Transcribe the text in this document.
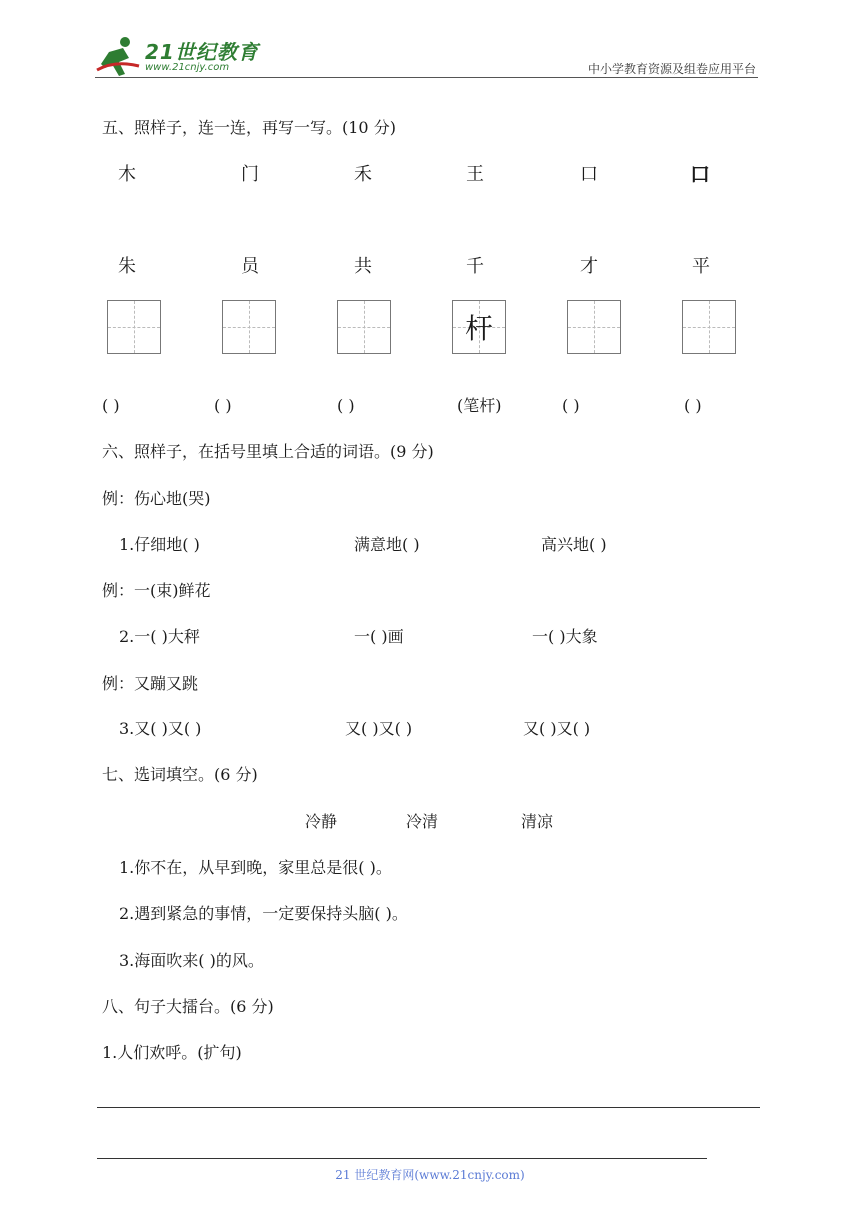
21世纪教育
www.21cnjy.com	中小学教育资源及组卷应用平台
五、照样子，连一连，再写一写。(10 分)
木	门	禾	王	口	口
朱	员	共	千	才	平
杆
( )	( )	( )	(笔杆)	( )	( )
六、照样子，在括号里填上合适的词语。(9 分)
例：伤心地(哭)
1.仔细地( )	满意地( )	高兴地( )
例：一(束)鲜花
2.一( )大秤	一( )画	一( )大象
例：又蹦又跳
3.又( )又( )	又( )又( )	又( )又( )
七、选词填空。(6 分)
冷静	冷清	清凉
1.你不在，从早到晚，家里总是很( )。
2.遇到紧急的事情，一定要保持头脑( )。
3.海面吹来( )的风。
八、句子大擂台。(6 分)
1.人们欢呼。(扩句)
21 世纪教育网(www.21cnjy.com)
